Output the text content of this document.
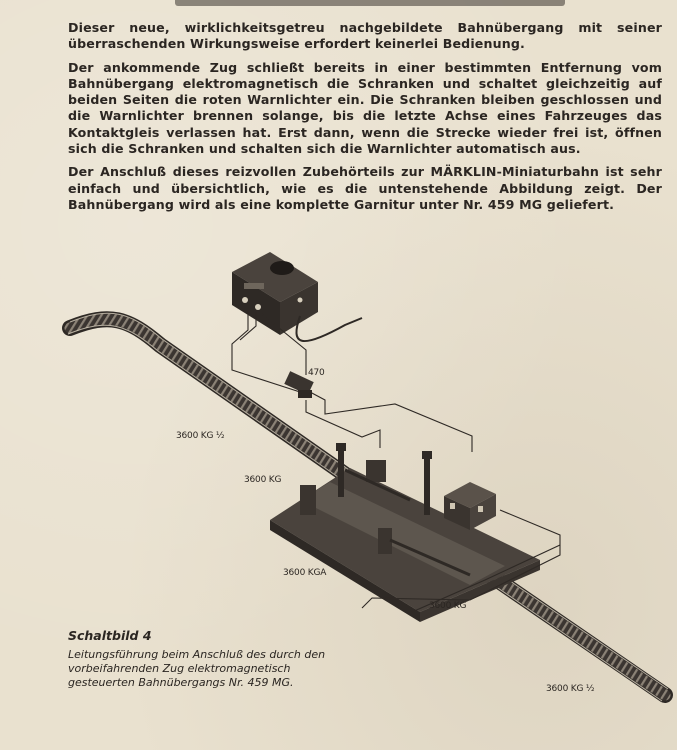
Dieser neue, wirklichkeitsgetreu nachgebildete Bahnübergang mit seiner überraschenden Wirkungsweise erfordert keinerlei Bedienung.

Der ankommende Zug schließt bereits in einer bestimmten Entfernung vom Bahnübergang elektromagnetisch die Schranken und schaltet gleichzeitig auf beiden Seiten die roten Warnlichter ein. Die Schranken bleiben geschlossen und die Warnlichter brennen solange, bis die letzte Achse eines Fahrzeuges das Kontaktgleis verlassen hat. Erst dann, wenn die Strecke wieder frei ist, öffnen sich die Schranken und schalten sich die Warnlichter automatisch aus.

Der Anschluß dieses reizvollen Zubehörteils zur MÄRKLIN-Miniaturbahn ist sehr einfach und übersichtlich, wie es die untenstehende Abbildung zeigt. Der Bahnübergang wird als eine komplette Garnitur unter Nr. 459 MG geliefert.

470
3600 KG ½
3600 KG
3600 KGA
3600 KG
3600 KG ½
Schaltbild 4
Leitungsführung beim Anschluß des durch den vorbeifahrenden Zug elektromagnetisch gesteuerten Bahnübergangs Nr. 459 MG.
